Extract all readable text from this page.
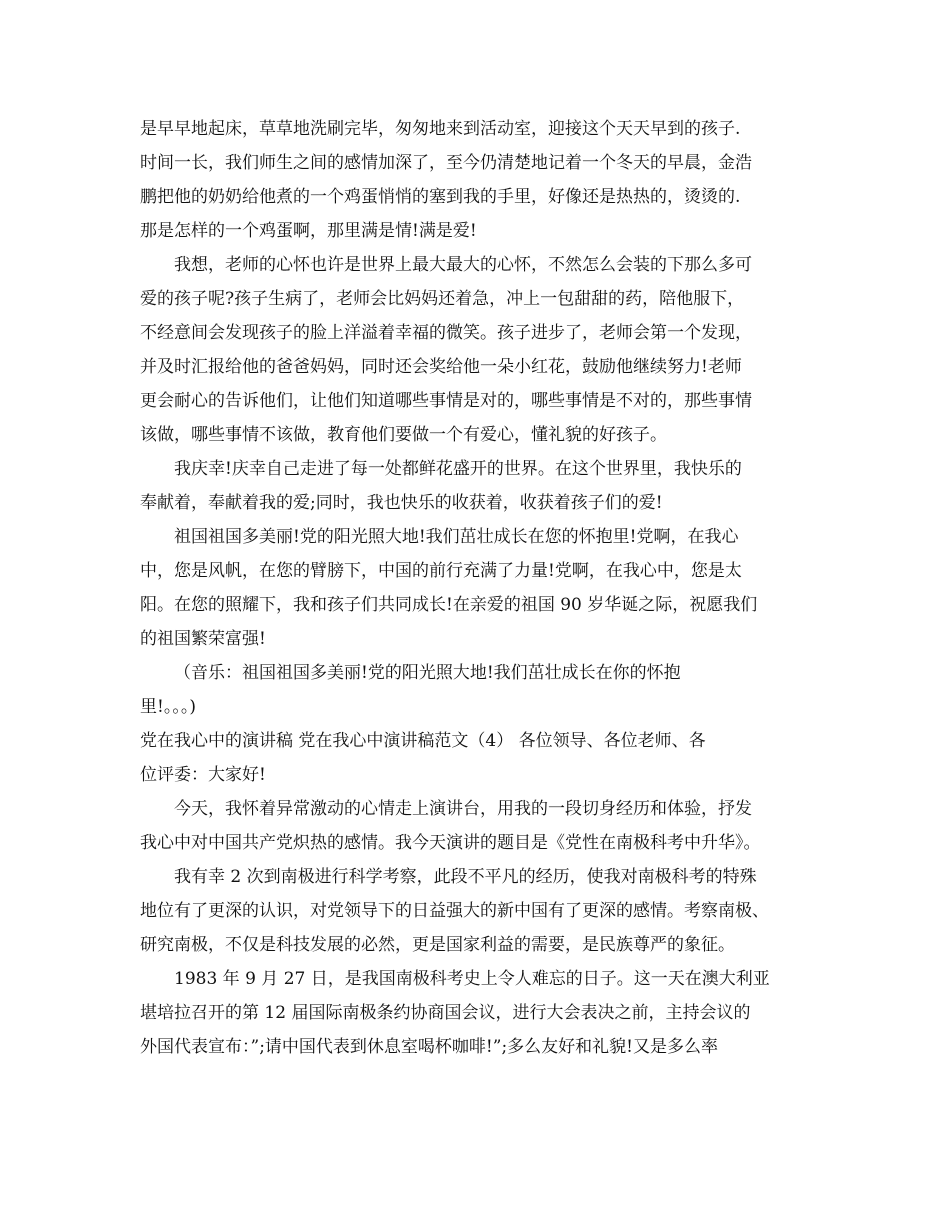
是早早地起床，草草地洗刷完毕，匆匆地来到活动室，迎接这个天天早到的孩子.
时间一长，我们师生之间的感情加深了，至今仍清楚地记着一个冬天的早晨，金浩
鹏把他的奶奶给他煮的一个鸡蛋悄悄的塞到我的手里，好像还是热热的，烫烫的.
那是怎样的一个鸡蛋啊，那里满是情!满是爱!
我想，老师的心怀也许是世界上最大最大的心怀，不然怎么会装的下那么多可
爱的孩子呢?孩子生病了，老师会比妈妈还着急，冲上一包甜甜的药，陪他服下，
不经意间会发现孩子的脸上洋溢着幸福的微笑。孩子进步了，老师会第一个发现，
并及时汇报给他的爸爸妈妈，同时还会奖给他一朵小红花，鼓励他继续努力!老师
更会耐心的告诉他们，让他们知道哪些事情是对的，哪些事情是不对的，那些事情
该做，哪些事情不该做，教育他们要做一个有爱心，懂礼貌的好孩子。
我庆幸!庆幸自己走进了每一处都鲜花盛开的世界。在这个世界里，我快乐的
奉献着，奉献着我的爱;同时，我也快乐的收获着，收获着孩子们的爱!
祖国祖国多美丽!党的阳光照大地!我们茁壮成长在您的怀抱里!党啊，在我心
中，您是风帆，在您的臂膀下，中国的前行充满了力量!党啊，在我心中，您是太
阳。在您的照耀下，我和孩子们共同成长!在亲爱的祖国 90 岁华诞之际，祝愿我们
的祖国繁荣富强!
（音乐：祖国祖国多美丽!党的阳光照大地!我们茁壮成长在你的怀抱
里!。。。)
党在我心中的演讲稿 党在我心中演讲稿范文（4） 各位领导、各位老师、各
位评委：大家好!
今天，我怀着异常激动的心情走上演讲台，用我的一段切身经历和体验，抒发
我心中对中国共产党炽热的感情。我今天演讲的题目是《党性在南极科考中升华》。
我有幸 2 次到南极进行科学考察，此段不平凡的经历，使我对南极科考的特殊
地位有了更深的认识，对党领导下的日益强大的新中国有了更深的感情。考察南极、
研究南极，不仅是科技发展的必然，更是国家利益的需要，是民族尊严的象征。
1983 年 9 月 27 日，是我国南极科考史上令人难忘的日子。这一天在澳大利亚
堪培拉召开的第 12 届国际南极条约协商国会议，进行大会表决之前，主持会议的
外国代表宣布：”;请中国代表到休息室喝杯咖啡!”;多么友好和礼貌!又是多么率
